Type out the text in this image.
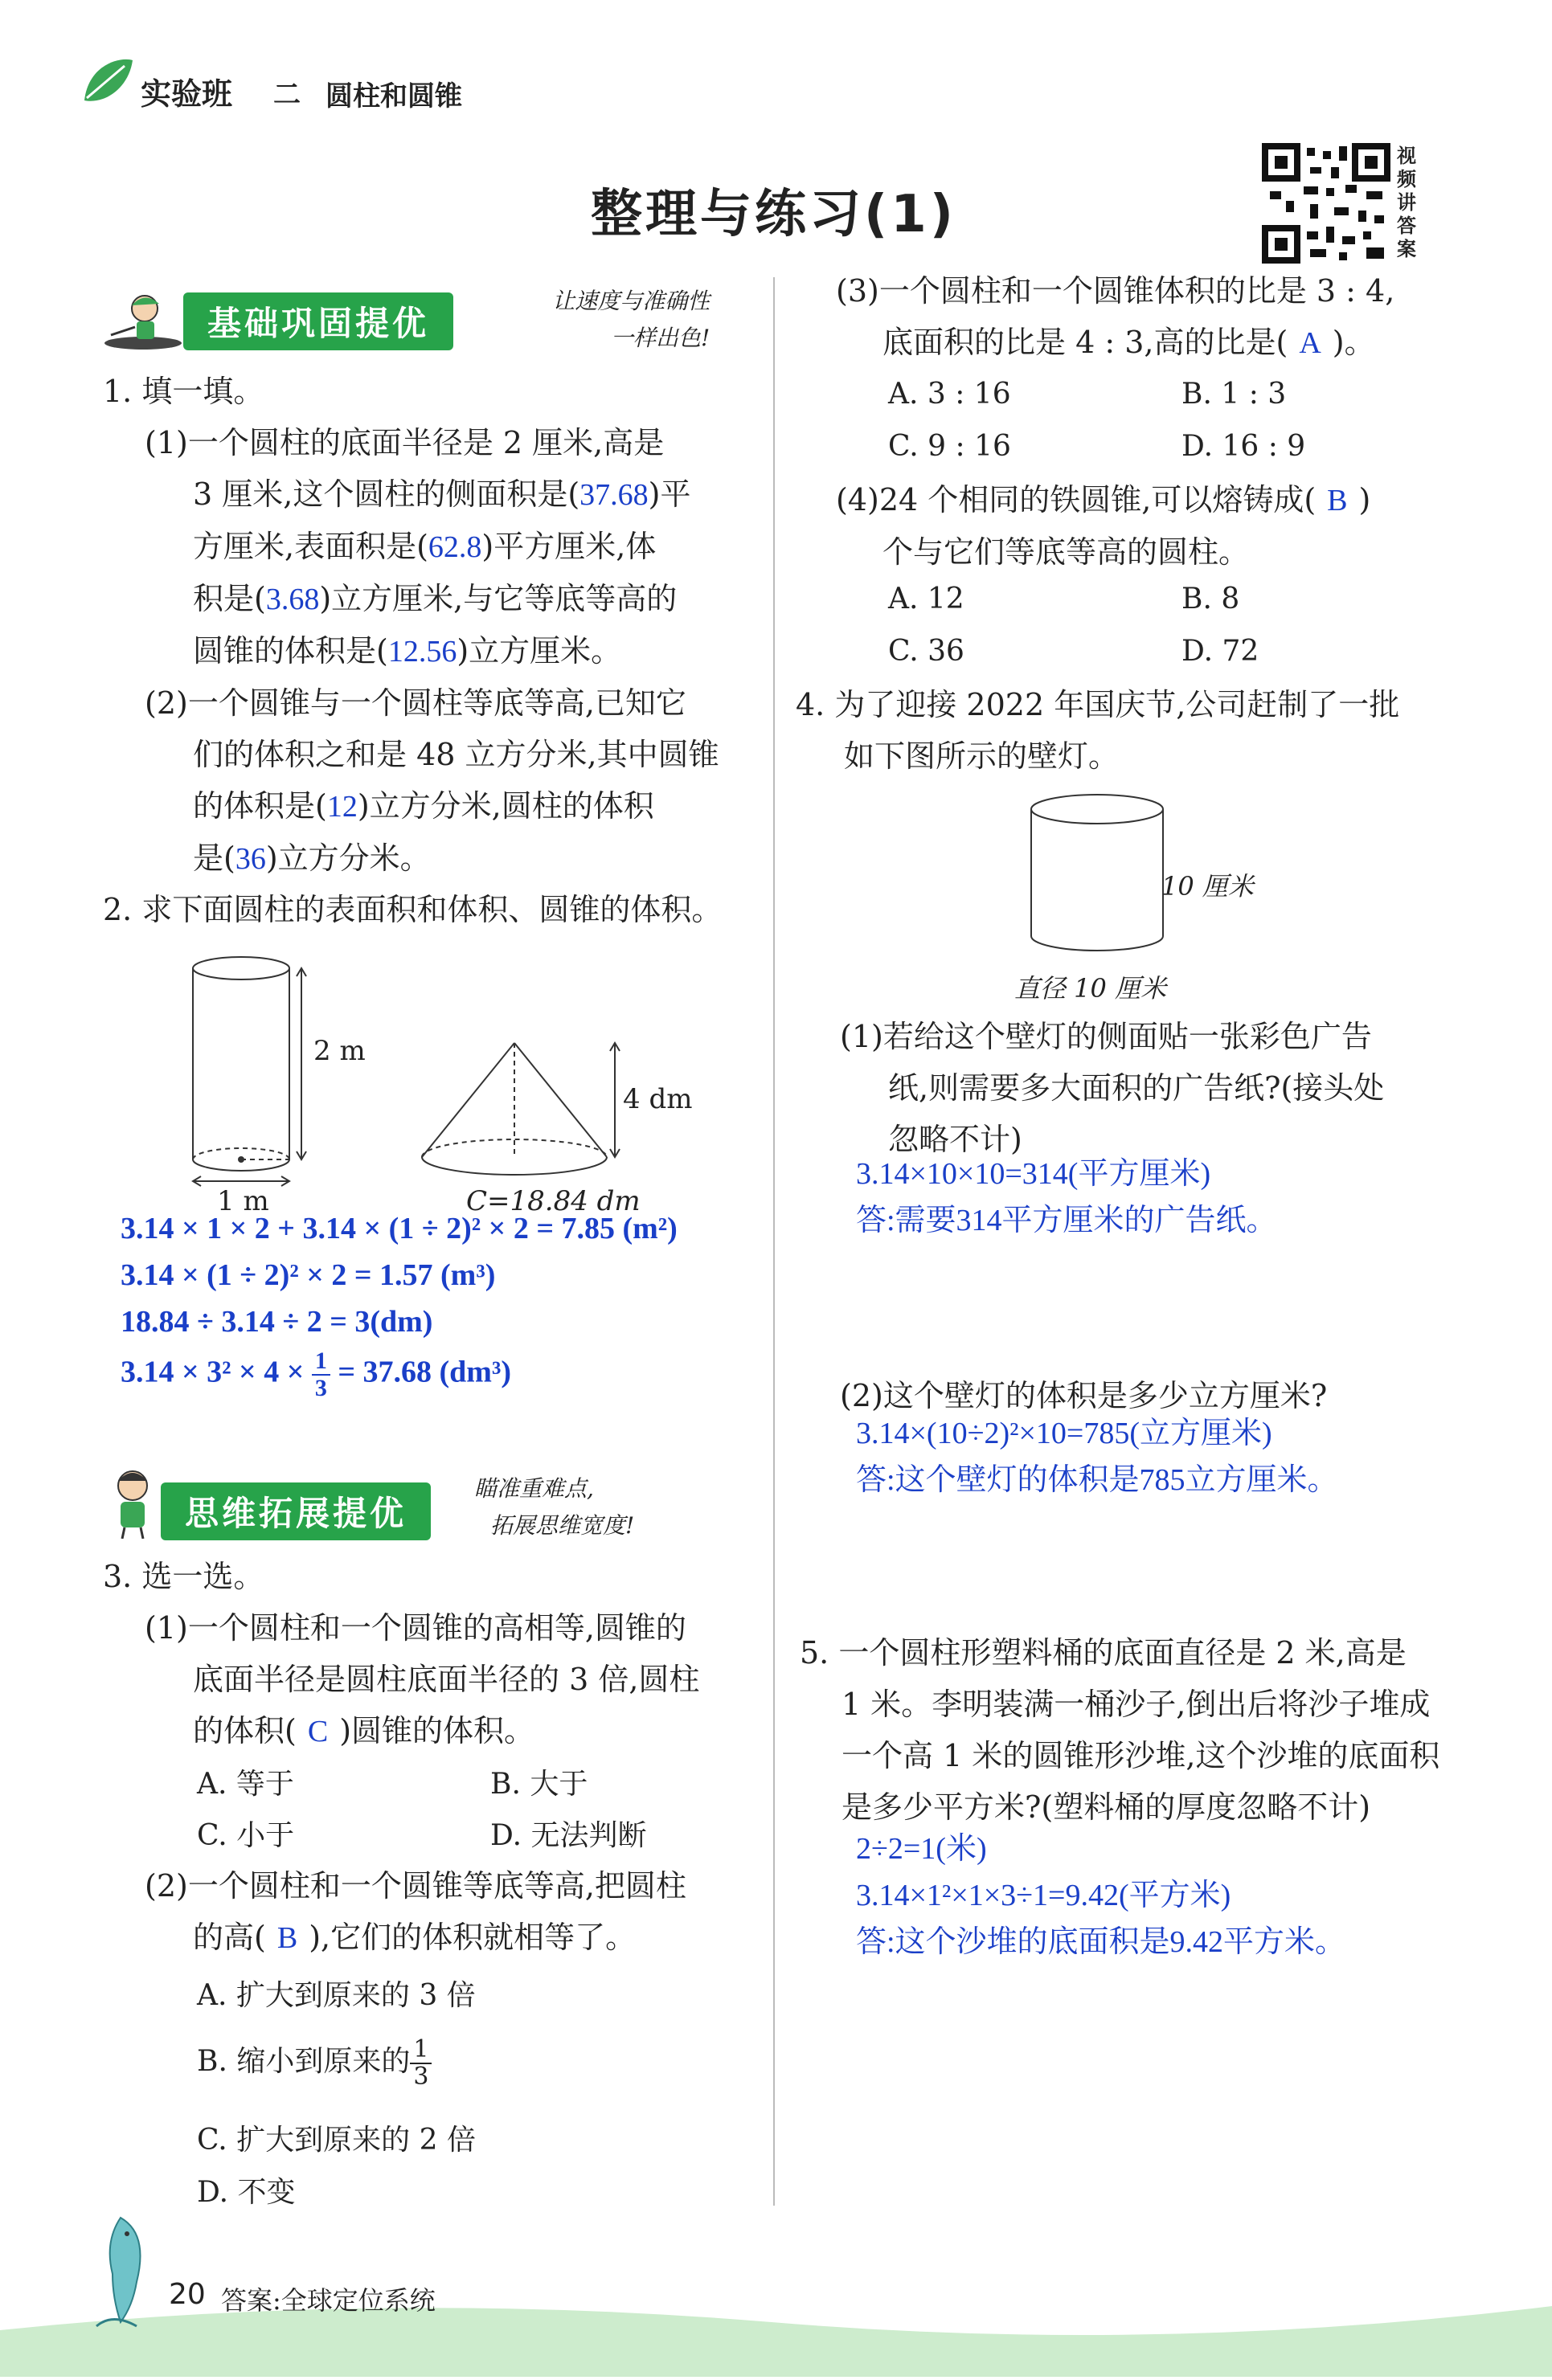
实验班 二 圆柱和圆锥
整理与练习(1)
视频讲答案
基础巩固提优
让速度与准确性
一样出色!
1. 填一填。
(1)一个圆柱的底面半径是 2 厘米,高是
3 厘米,这个圆柱的侧面积是(37.68)平
方厘米,表面积是(62.8)平方厘米,体
积是(3.68)立方厘米,与它等底等高的
圆锥的体积是(12.56)立方厘米。
(2)一个圆锥与一个圆柱等底等高,已知它
们的体积之和是 48 立方分米,其中圆锥
的体积是(12)立方分米,圆柱的体积
是(36)立方分米。
2. 求下面圆柱的表面积和体积、圆锥的体积。
2 m
1 m
4 dm
C=18.84 dm
3.14 × 1 × 2 + 3.14 × (1 ÷ 2)² × 2 = 7.85 (m²)
3.14 × (1 ÷ 2)² × 2 = 1.57 (m³)
18.84 ÷ 3.14 ÷ 2 = 3(dm)
$3.14 \times 3^2 \times 4 \times \frac{1}{3} = 37.68$ (dm³)
思维拓展提优
瞄准重难点,
拓展思维宽度!
3. 选一选。
(1)一个圆柱和一个圆锥的高相等,圆锥的
底面半径是圆柱底面半径的 3 倍,圆柱
的体积( C )圆锥的体积。
A. 等于	B. 大于
C. 小于	D. 无法判断
(2)一个圆柱和一个圆锥等底等高,把圆柱
的高( B ),它们的体积就相等了。
A. 扩大到原来的 3 倍
B. 缩小到原来的 $\frac{1}{3}$
C. 扩大到原来的 2 倍
D. 不变
(3)一个圆柱和一个圆锥体积的比是 3 : 4,
底面积的比是 4 : 3,高的比是( A )。
A. 3 : 16	B. 1 : 3
C. 9 : 16	D. 16 : 9
(4)24 个相同的铁圆锥,可以熔铸成( B )
个与它们等底等高的圆柱。
A. 12	B. 8
C. 36	D. 72
4. 为了迎接 2022 年国庆节,公司赶制了一批
如下图所示的壁灯。
10 厘米
直径 10 厘米
(1)若给这个壁灯的侧面贴一张彩色广告
纸,则需要多大面积的广告纸?(接头处
忽略不计)
3.14×10×10=314(平方厘米)
答:需要314平方厘米的广告纸。
(2)这个壁灯的体积是多少立方厘米?
3.14×(10÷2)²×10=785(立方厘米)
答:这个壁灯的体积是785立方厘米。
5. 一个圆柱形塑料桶的底面直径是 2 米,高是
1 米。李明装满一桶沙子,倒出后将沙子堆成
一个高 1 米的圆锥形沙堆,这个沙堆的底面积
是多少平方米?(塑料桶的厚度忽略不计)
2÷2=1(米)
3.14×1²×1×3÷1=9.42(平方米)
答:这个沙堆的底面积是9.42平方米。
20 答案:全球定位系统
